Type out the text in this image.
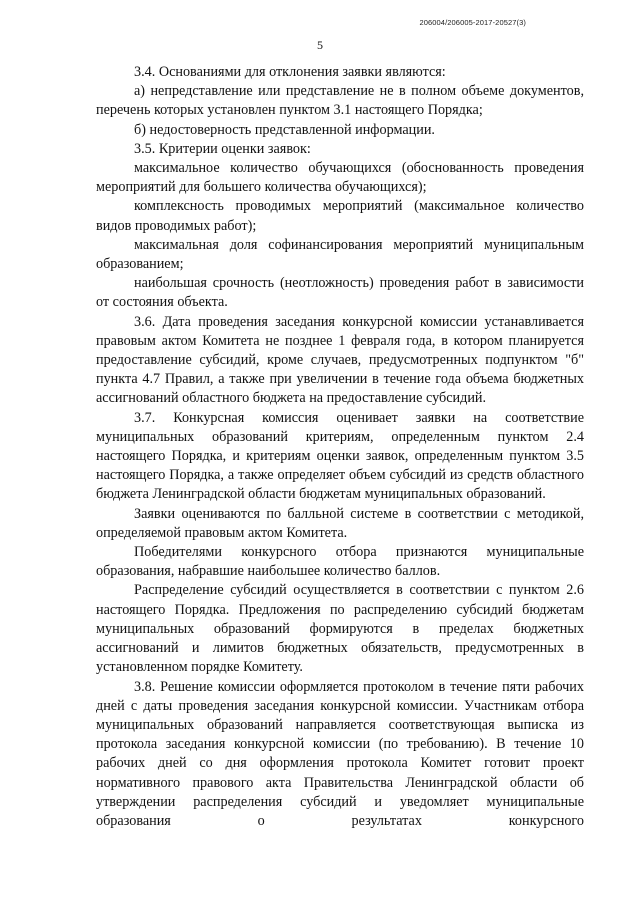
206004/206005-2017-20527(3)
5

3.4. Основаниями для отклонения заявки являются:

а) непредставление или представление не в полном объеме документов, перечень которых установлен пунктом 3.1 настоящего Порядка;

б) недостоверность представленной информации.

3.5. Критерии оценки заявок:

максимальное количество обучающихся (обоснованность проведения мероприятий для большего количества обучающихся);

комплексность проводимых мероприятий (максимальное количество видов проводимых работ);

максимальная доля софинансирования мероприятий муниципальным образованием;

наибольшая срочность (неотложность) проведения работ в зависимости от состояния объекта.

3.6. Дата проведения заседания конкурсной комиссии устанавливается правовым актом Комитета не позднее 1 февраля года, в котором планируется предоставление субсидий, кроме случаев, предусмотренных подпунктом "б" пункта 4.7 Правил, а также при увеличении в течение года объема бюджетных ассигнований областного бюджета на предоставление субсидий.

3.7. Конкурсная комиссия оценивает заявки на соответствие муниципальных образований критериям, определенным пунктом 2.4 настоящего Порядка, и критериям оценки заявок, определенным пунктом 3.5 настоящего Порядка, а также определяет объем субсидий из средств областного бюджета Ленинградской области бюджетам муниципальных образований.

Заявки оцениваются по балльной системе в соответствии с методикой, определяемой правовым актом Комитета.

Победителями конкурсного отбора признаются муниципальные образования, набравшие наибольшее количество баллов.

Распределение субсидий осуществляется в соответствии с пунктом 2.6 настоящего Порядка. Предложения по распределению субсидий бюджетам муниципальных образований формируются в пределах бюджетных ассигнований и лимитов бюджетных обязательств, предусмотренных в установленном порядке Комитету.

3.8. Решение комиссии оформляется протоколом в течение пяти рабочих дней с даты проведения заседания конкурсной комиссии. Участникам отбора муниципальных образований направляется соответствующая выписка из протокола заседания конкурсной комиссии (по требованию). В течение 10 рабочих дней со дня оформления протокола Комитет готовит проект нормативного правового акта Правительства Ленинградской области об утверждении распределения субсидий и уведомляет муниципальные образования о результатах конкурсного
